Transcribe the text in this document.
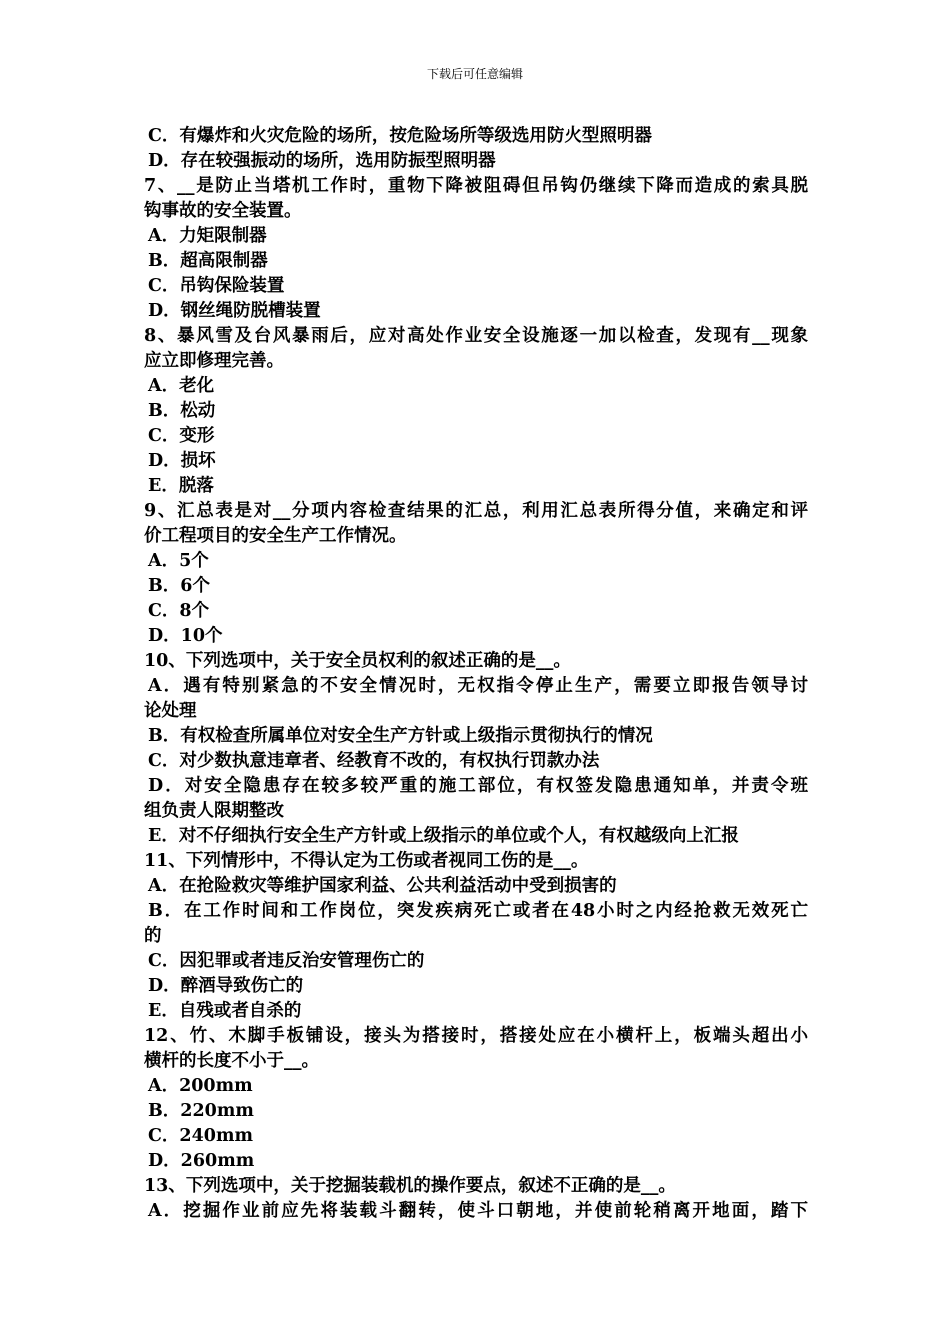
下载后可任意编辑
C．有爆炸和火灾危险的场所，按危险场所等级选用防火型照明器
D．存在较强振动的场所，选用防振型照明器
7、__是防止当塔机工作时，重物下降被阻碍但吊钩仍继续下降而造成的索具脱
钩事故的安全装置。
A．力矩限制器
B．超高限制器
C．吊钩保险装置
D．钢丝绳防脱槽装置
8、暴风雪及台风暴雨后，应对高处作业安全设施逐一加以检查，发现有__现象
应立即修理完善。
A．老化
B．松动
C．变形
D．损坏
E．脱落
9、汇总表是对__分项内容检查结果的汇总，利用汇总表所得分值，来确定和评
价工程项目的安全生产工作情况。
A．5个
B．6个
C．8个
D．10个
10、下列选项中，关于安全员权利的叙述正确的是__。
A．遇有特别紧急的不安全情况时，无权指令停止生产，需要立即报告领导讨
论处理
B．有权检查所属单位对安全生产方针或上级指示贯彻执行的情况
C．对少数执意违章者、经教育不改的，有权执行罚款办法
D．对安全隐患存在较多较严重的施工部位，有权签发隐患通知单，并责令班
组负责人限期整改
E．对不仔细执行安全生产方针或上级指示的单位或个人，有权越级向上汇报
11、下列情形中，不得认定为工伤或者视同工伤的是__。
A．在抢险救灾等维护国家利益、公共利益活动中受到损害的
B．在工作时间和工作岗位，突发疾病死亡或者在48小时之内经抢救无效死亡
的
C．因犯罪或者违反治安管理伤亡的
D．醉酒导致伤亡的
E．自残或者自杀的
12、竹、木脚手板铺设，接头为搭接时，搭接处应在小横杆上，板端头超出小
横杆的长度不小于__。
A．200mm
B．220mm
C．240mm
D．260mm
13、下列选项中，关于挖掘装载机的操作要点，叙述不正确的是__。
A．挖掘作业前应先将装载斗翻转，使斗口朝地，并使前轮稍离开地面，踏下
